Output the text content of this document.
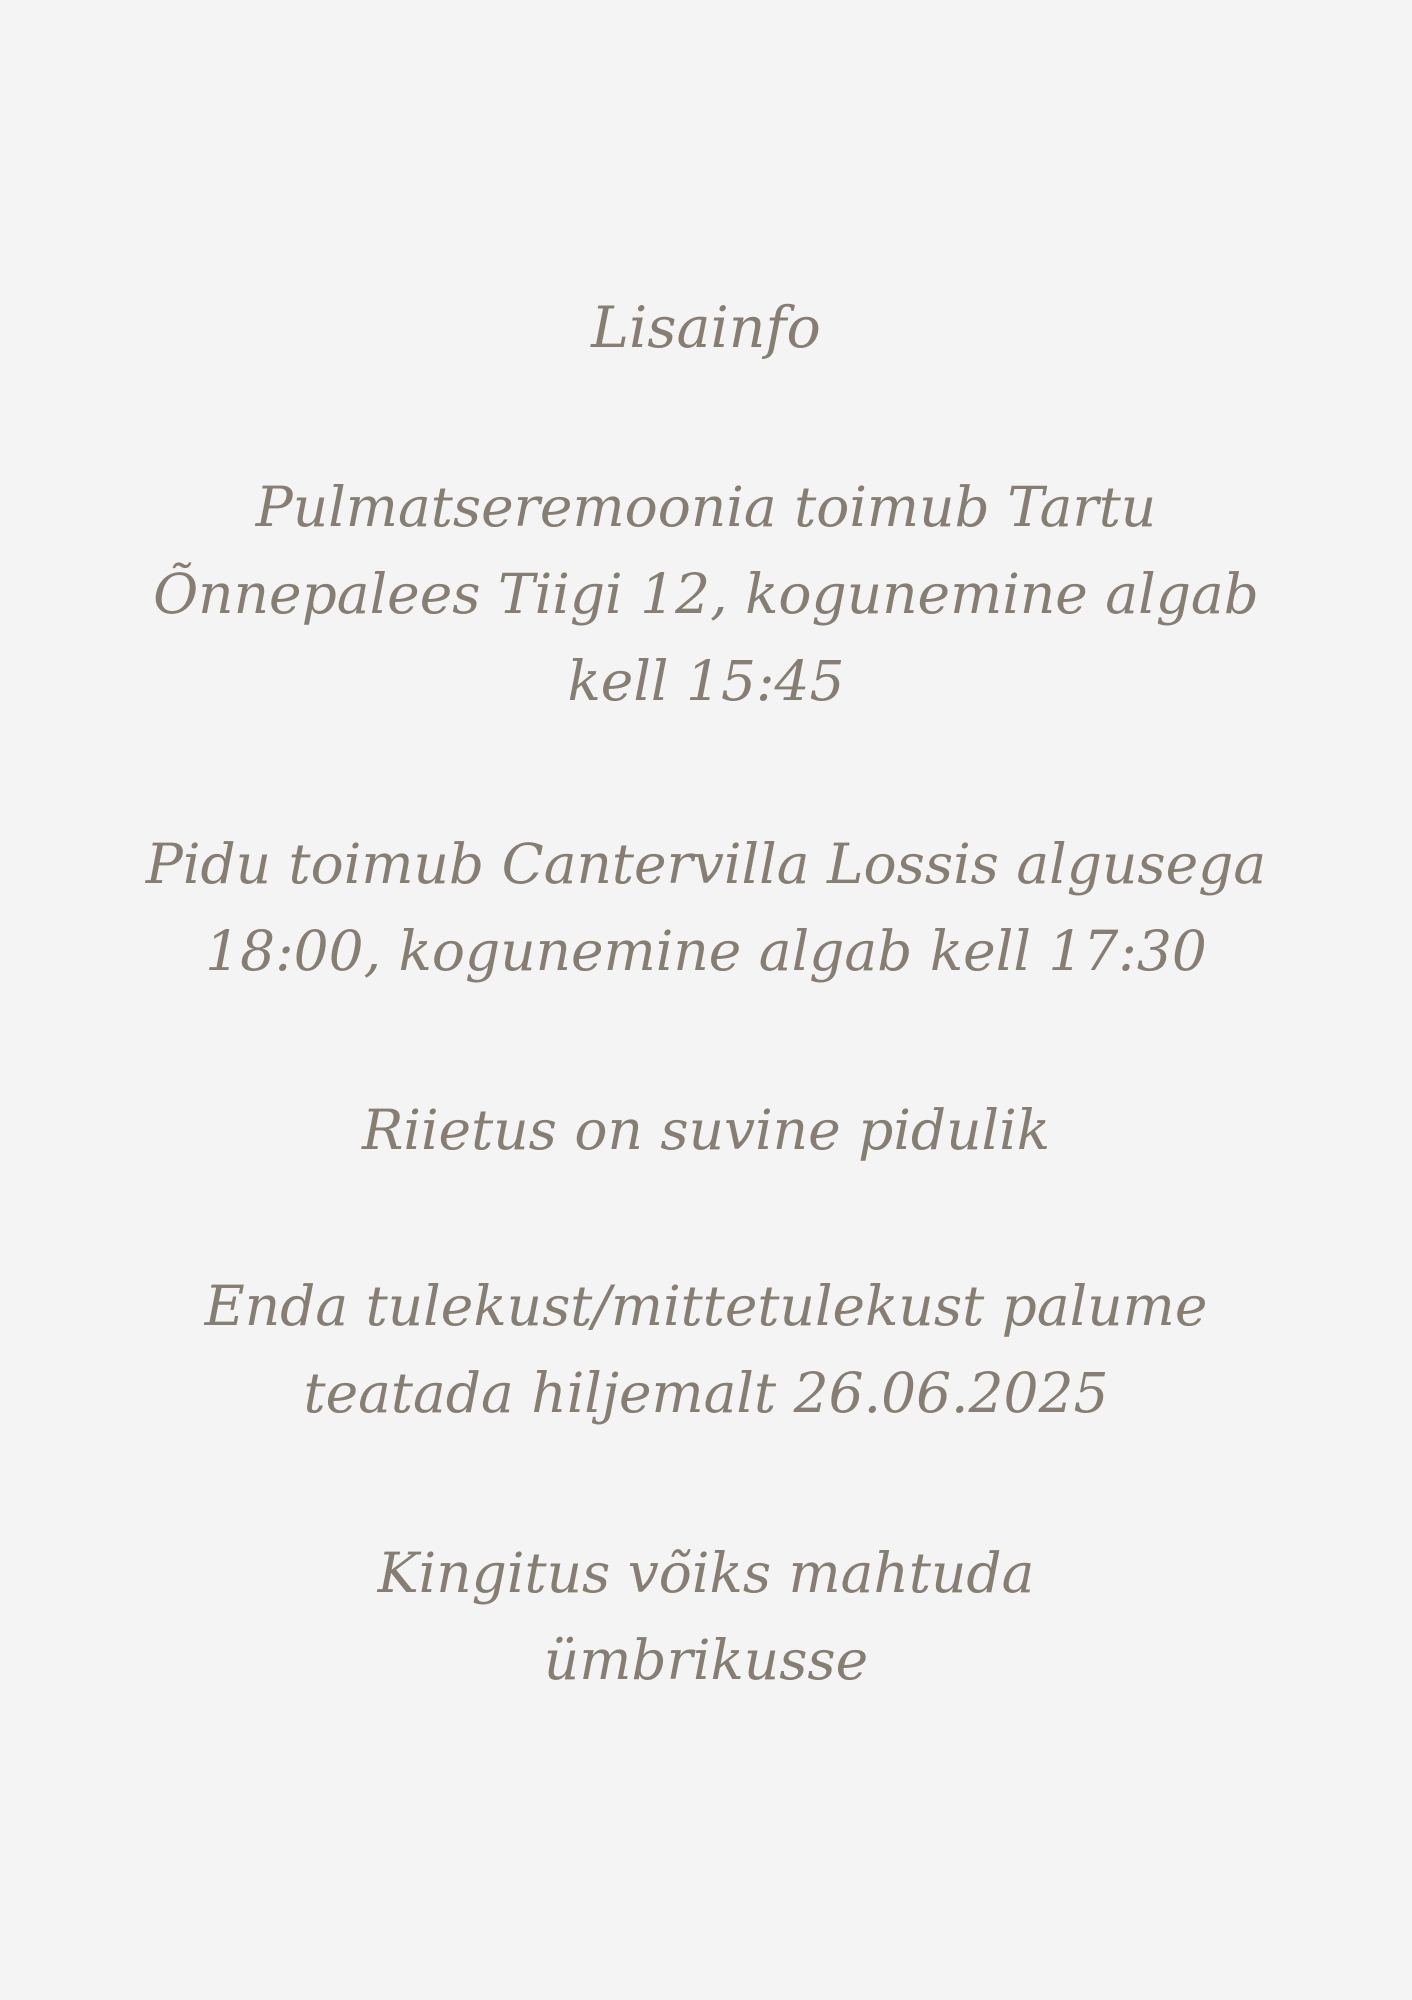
Lisainfo

Pulmatseremoonia toimub Tartu
Õnnepalees Tiigi 12, kogunemine algab
kell 15:45

Pidu toimub Cantervilla Lossis algusega
18:00, kogunemine algab kell 17:30

Riietus on suvine pidulik

Enda tulekust/mittetulekust palume
teatada hiljemalt 26.06.2025

Kingitus võiks mahtuda
ümbrikusse
